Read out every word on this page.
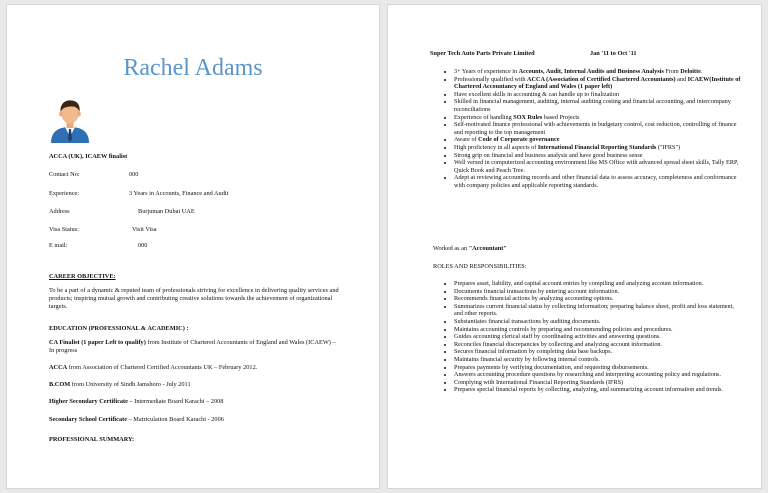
Rachel Adams
ACCA (UK), ICAEW finalist
Contact No:	000
Experience:	3 Years in Accounts, Finance and Audit
Address	Burjuman Dubai UAE
Visa Status:	Visit Visa
E mail:	000
CAREER OBJECTIVE:
To be a part of a dynamic & reputed team of professionals striving for excellence in delivering quality services and products; inspiring mutual growth and contributing creative solutions towards the achievement of organizational targets.
EDUCATION (PROFESSIONAL & ACADEMIC) :
CA Finalist (1 paper Left to qualify) from Institute of Chartered Accountants of England and Wales (ICAEW) – In progress
ACCA from Association of Chartered Certified Accountants UK – February 2012.
B.COM from University of Sindh Jamshoro - July 2011
Higher Secondary Certificate – Intermediate Board Karachi – 2008
Secondary School Certificate – Matriculation Board Karachi - 2006
PROFESSIONAL SUMMARY:
Super Tech Auto Parts Private Limited	Jan '11 to Oct '11
• 3+ Years of experience in Accounts, Audit, Internal Audits and Business Analysis From Deloitte.
• Professionally qualified with ACCA (Association of Certified Chartered Accountants) and ICAEW(Institute of Chartered Accountancy of England and Wales (1 paper left)
• Have excellent skills in accounting & can handle up to finalization
• Skilled in financial management, auditing, internal auditing costing and financial accounting, and intercompany reconciliations
• Experience of handling SOX Rules based Projects
• Self-motivated finance professional with achievements in budgetary control, cost reduction, controlling of finance and reporting to the top management
• Aware of Code of Corporate governance
• High proficiency in all aspects of International Financial Reporting Standards ("IFRS")
• Strong grip on financial and business analysis and have good business sense
• Well versed in computerized accounting environment like MS Office with advanced spread sheet skills, Tally ERP, Quick Book and Peach Tree.
• Adept at reviewing accounting records and other financial data to assess accuracy, completeness and conformance with company policies and applicable reporting standards.
Worked as an "Accountant"
ROLES AND RESPONSIBILITIES:
• Prepares asset, liability, and capital account entries by compiling and analyzing account information.
• Documents financial transactions by entering account information.
• Recommends financial actions by analyzing accounting options.
• Summarizes current financial status by collecting information; preparing balance sheet, profit and loss statement, and other reports.
• Substantiates financial transactions by auditing documents.
• Maintains accounting controls by preparing and recommending policies and procedures.
• Guides accounting clerical staff by coordinating activities and answering questions.
• Reconciles financial discrepancies by collecting and analyzing account information.
• Secures financial information by completing data base backups.
• Maintains financial security by following internal controls.
• Prepares payments by verifying documentation, and requesting disbursements.
• Answers accounting procedure questions by researching and interpreting accounting policy and regulations.
• Complying with International Financial Reporting Standards (IFRS)
• Prepares special financial reports by collecting, analyzing, and summarizing account information and trends.
